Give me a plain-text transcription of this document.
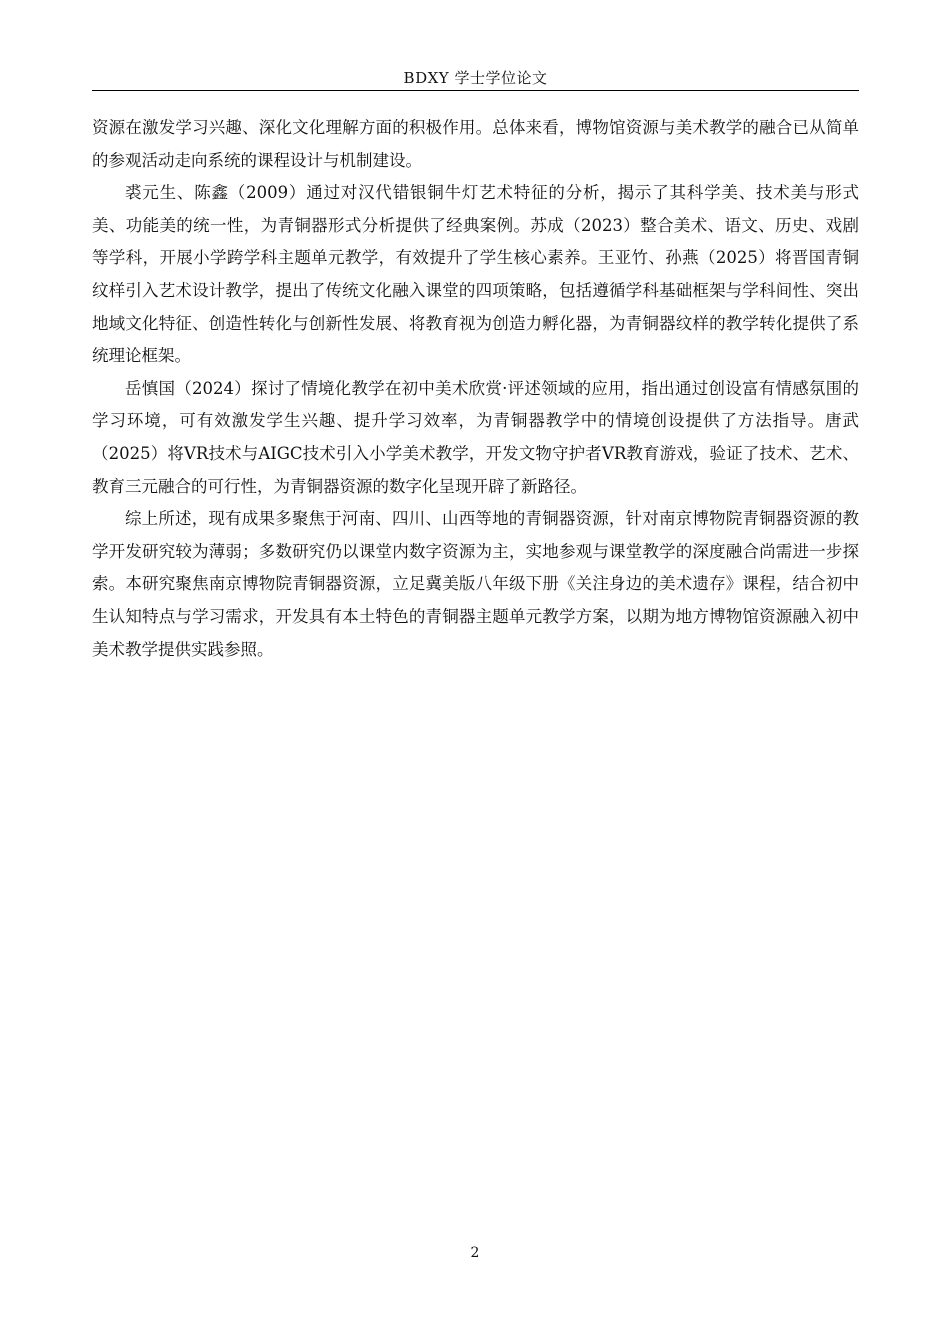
BDXY 学士学位论文

资源在激发学习兴趣、深化文化理解方面的积极作用。总体来看，博物馆资源与美术教学的融合已从简单的参观活动走向系统的课程设计与机制建设。

裘元生、陈鑫（2009）通过对汉代错银铜牛灯艺术特征的分析，揭示了其科学美、技术美与形式美、功能美的统一性，为青铜器形式分析提供了经典案例。苏成（2023）整合美术、语文、历史、戏剧等学科，开展小学跨学科主题单元教学，有效提升了学生核心素养。王亚竹、孙燕（2025）将晋国青铜纹样引入艺术设计教学，提出了传统文化融入课堂的四项策略，包括遵循学科基础框架与学科间性、突出地域文化特征、创造性转化与创新性发展、将教育视为创造力孵化器，为青铜器纹样的教学转化提供了系统理论框架。

岳慎国（2024）探讨了情境化教学在初中美术欣赏·评述领域的应用，指出通过创设富有情感氛围的学习环境，可有效激发学生兴趣、提升学习效率，为青铜器教学中的情境创设提供了方法指导。唐武（2025）将VR技术与AIGC技术引入小学美术教学，开发文物守护者VR教育游戏，验证了技术、艺术、教育三元融合的可行性，为青铜器资源的数字化呈现开辟了新路径。

综上所述，现有成果多聚焦于河南、四川、山西等地的青铜器资源，针对南京博物院青铜器资源的教学开发研究较为薄弱；多数研究仍以课堂内数字资源为主，实地参观与课堂教学的深度融合尚需进一步探索。本研究聚焦南京博物院青铜器资源，立足冀美版八年级下册《关注身边的美术遗存》课程，结合初中生认知特点与学习需求，开发具有本土特色的青铜器主题单元教学方案，以期为地方博物馆资源融入初中美术教学提供实践参照。

2
